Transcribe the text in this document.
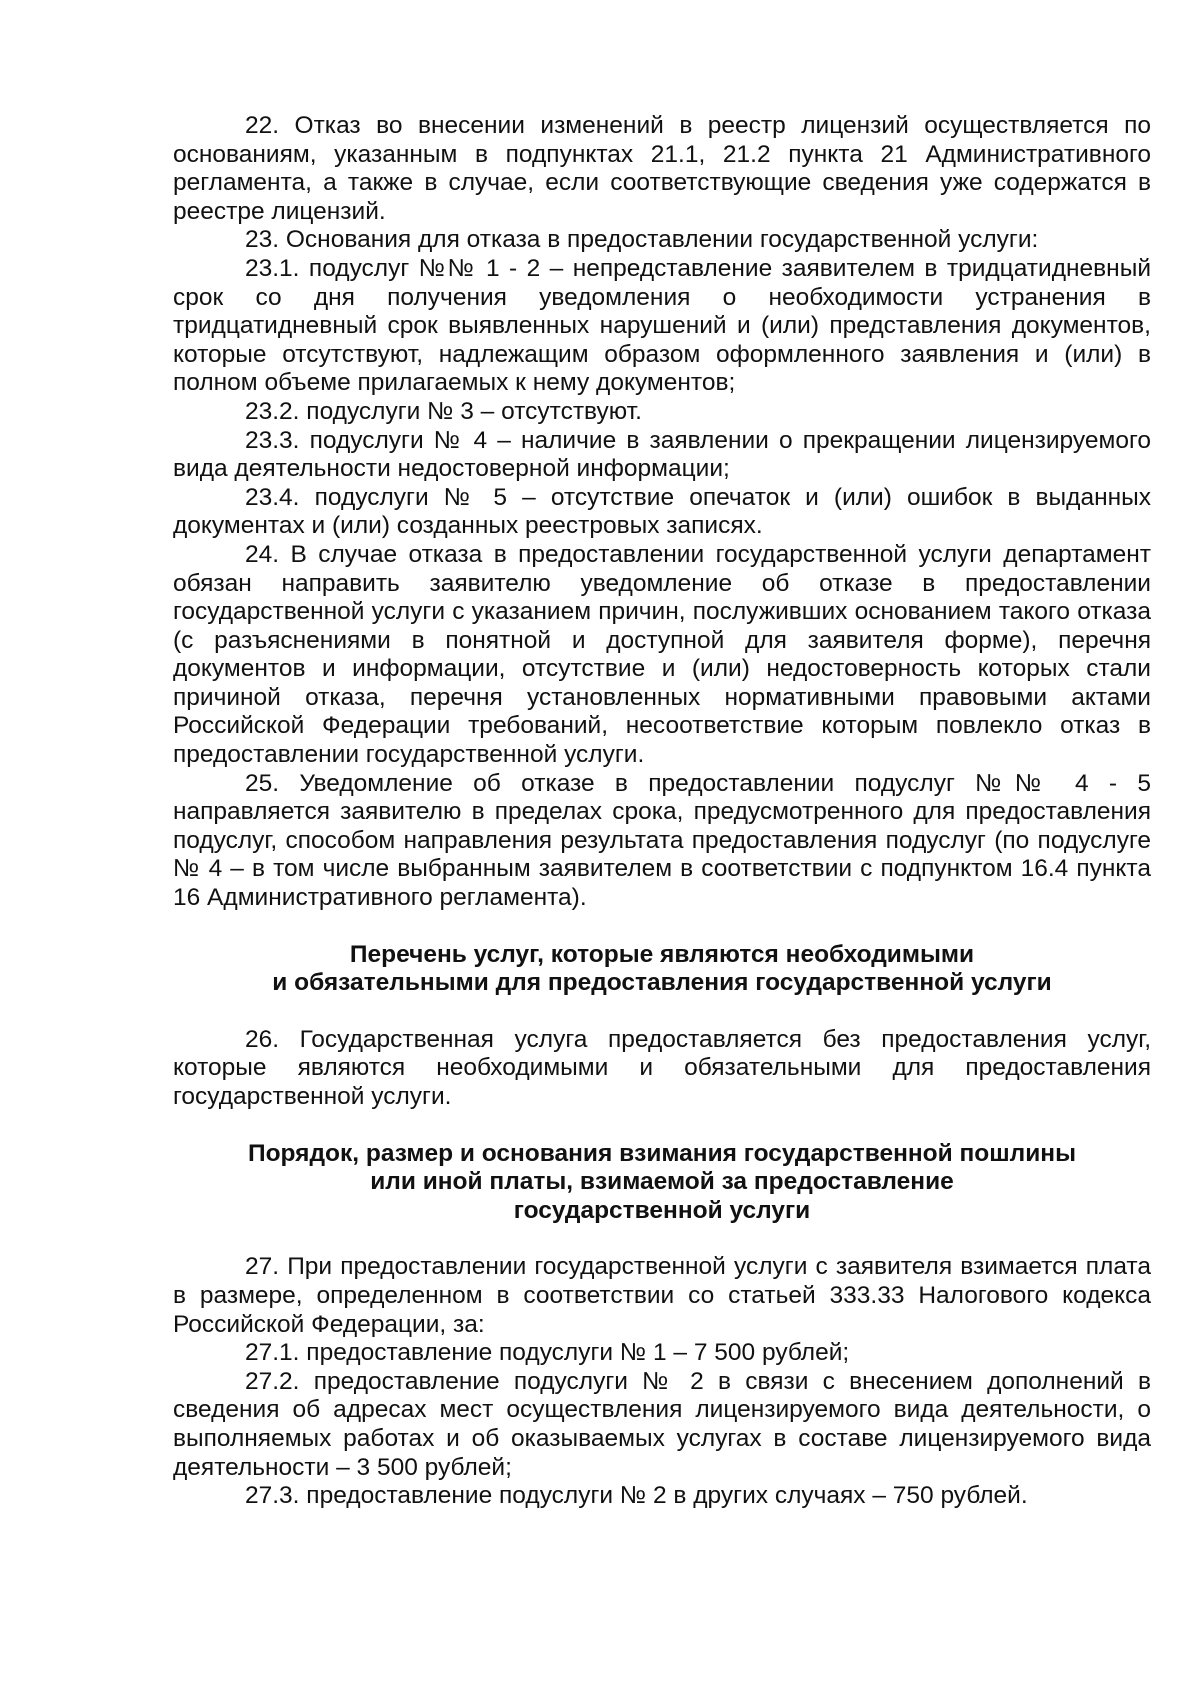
22. Отказ во внесении изменений в реестр лицензий осуществляется по основаниям, указанным в подпунктах 21.1, 21.2 пункта 21 Административного регламента, а также в случае, если соответствующие сведения уже содержатся в реестре лицензий.

23. Основания для отказа в предоставлении государственной услуги:

23.1. подуслуг №№ 1 - 2 – непредставление заявителем в тридцатидневный срок со дня получения уведомления о необходимости устранения в тридцатидневный срок выявленных нарушений и (или) представления документов, которые отсутствуют, надлежащим образом оформленного заявления и (или) в полном объеме прилагаемых к нему документов;

23.2. подуслуги № 3 – отсутствуют.

23.3. подуслуги № 4 – наличие в заявлении о прекращении лицензируемого вида деятельности недостоверной информации;

23.4. подуслуги № 5 – отсутствие опечаток и (или) ошибок в выданных документах и (или) созданных реестровых записях.

24. В случае отказа в предоставлении государственной услуги департамент обязан направить заявителю уведомление об отказе в предоставлении государственной услуги с указанием причин, послуживших основанием такого отказа (с разъяснениями в понятной и доступной для заявителя форме), перечня документов и информации, отсутствие и (или) недостоверность которых стали причиной отказа, перечня установленных нормативными правовыми актами Российской Федерации требований, несоответствие которым повлекло отказ в предоставлении государственной услуги.

25. Уведомление об отказе в предоставлении подуслуг №№ 4 - 5 направляется заявителю в пределах срока, предусмотренного для предоставления подуслуг, способом направления результата предоставления подуслуг (по подуслуге № 4 – в том числе выбранным заявителем в соответствии с подпунктом 16.4 пункта 16 Административного регламента).

Перечень услуг, которые являются необходимыми

и обязательными для предоставления государственной услуги

26. Государственная услуга предоставляется без предоставления услуг, которые являются необходимыми и обязательными для предоставления государственной услуги.

Порядок, размер и основания взимания государственной пошлины

или иной платы, взимаемой за предоставление

государственной услуги

27. При предоставлении государственной услуги с заявителя взимается плата в размере, определенном в соответствии со статьей 333.33 Налогового кодекса Российской Федерации, за:

27.1. предоставление подуслуги № 1 – 7 500 рублей;

27.2. предоставление подуслуги № 2 в связи с внесением дополнений в сведения об адресах мест осуществления лицензируемого вида деятельности, о выполняемых работах и об оказываемых услугах в составе лицензируемого вида деятельности – 3 500 рублей;

27.3. предоставление подуслуги № 2 в других случаях – 750 рублей.
